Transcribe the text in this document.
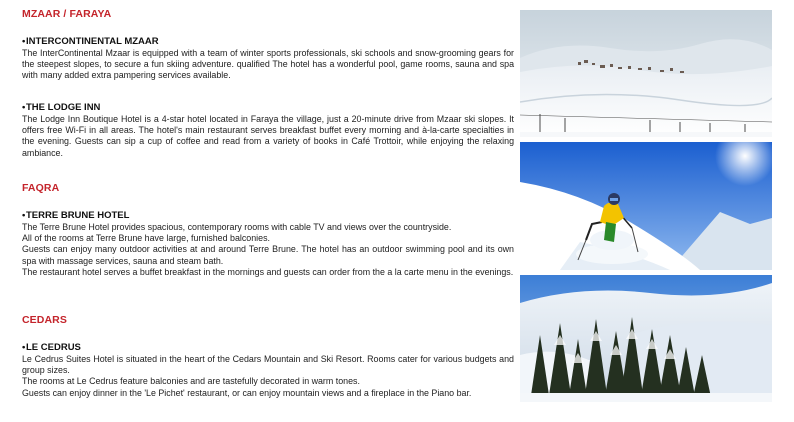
MZAAR / FARAYA
•INTERCONTINENTAL MZAAR
The InterContinental Mzaar is equipped with a team of winter sports professionals, ski schools and snow-grooming gears for the steepest slopes, to secure a fun skiing adventure. qualified The hotel has a wonderful pool, game rooms, sauna and spa with many added extra pampering services available.
•THE LODGE INN
The Lodge Inn Boutique Hotel is a 4-star hotel located in Faraya the village, just a 20-minute drive from Mzaar ski slopes. It offers free Wi-Fi in all areas. The hotel's main restaurant serves breakfast buffet every morning and à-la-carte specialties in the evening. Guests can sip a cup of coffee and read from a variety of books in Café Trottoir, while enjoying the relaxing ambiance.
FAQRA
•TERRE BRUNE HOTEL
The Terre Brune Hotel provides spacious, contemporary rooms with cable TV and views over the countryside.
All of the rooms at Terre Brune have large, furnished balconies.
Guests can enjoy many outdoor activities at and around Terre Brune. The hotel has an outdoor swimming pool and its own spa with massage services, sauna and steam bath.
The restaurant hotel serves a buffet breakfast in the mornings and guests can order from the a la carte menu in the evenings.
CEDARS
•LE CEDRUS
Le Cedrus Suites Hotel is situated in the heart of the Cedars Mountain and Ski Resort. Rooms cater for various budgets and group sizes.
The rooms at Le Cedrus feature balconies and are tastefully decorated in warm tones.
Guests can enjoy dinner in the 'Le Pichet' restaurant, or can enjoy mountain views and a fireplace in the Piano bar.
